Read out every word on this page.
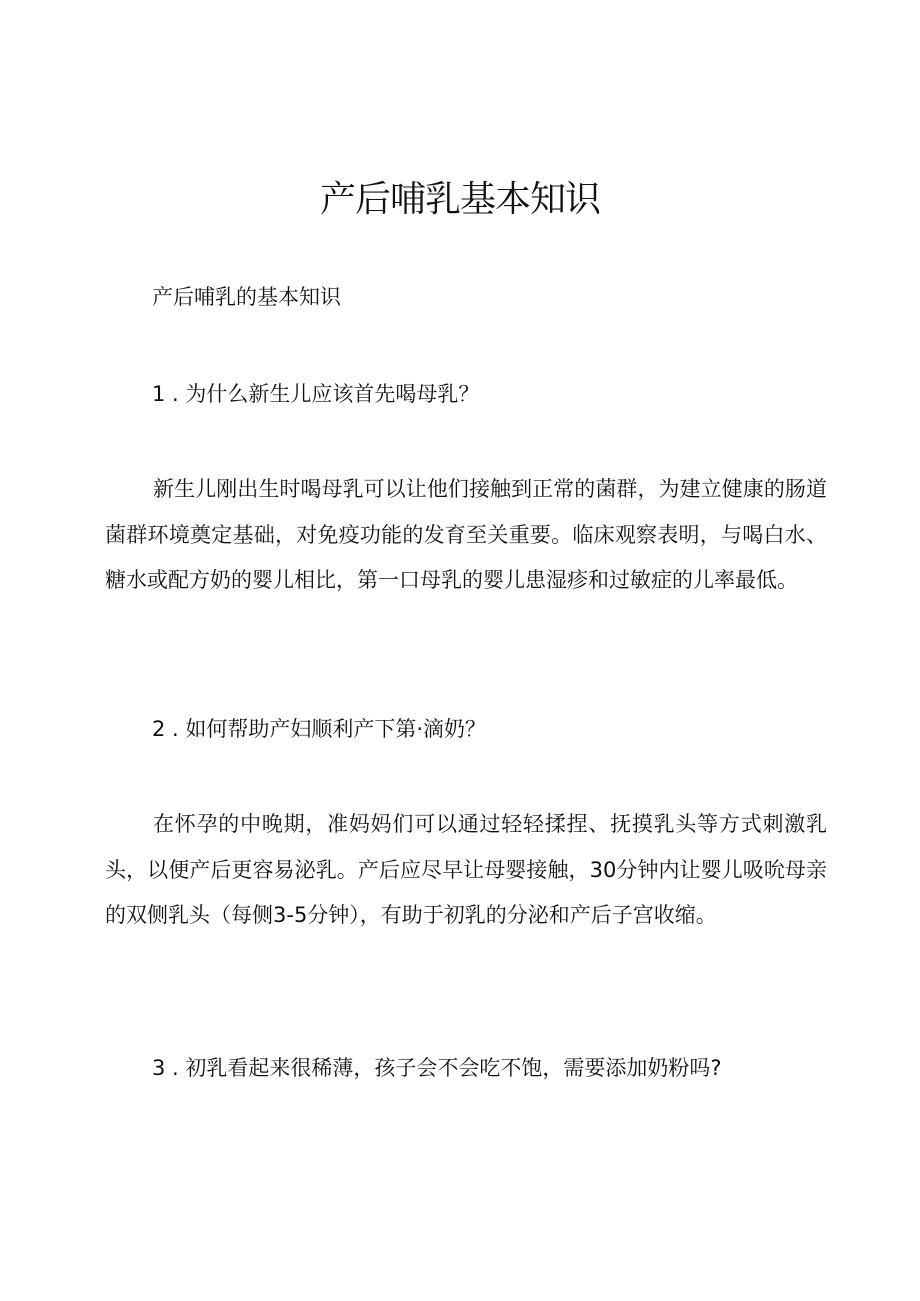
产后哺乳基本知识

产后哺乳的基本知识

1 . 为什么新生儿应该首先喝母乳？

新生儿刚出生时喝母乳可以让他们接触到正常的菌群，为建立健康的肠道菌群环境奠定基础，对免疫功能的发育至关重要。临床观察表明，与喝白水、糖水或配方奶的婴儿相比，第一口母乳的婴儿患湿疹和过敏症的儿率最低。

2 . 如何帮助产妇顺利产下第·滴奶？

在怀孕的中晚期，准妈妈们可以通过轻轻揉捏、抚摸乳头等方式刺激乳头，以便产后更容易泌乳。产后应尽早让母婴接触，30分钟内让婴儿吸吮母亲的双侧乳头（每侧3-5分钟），有助于初乳的分泌和产后子宫收缩。

3 . 初乳看起来很稀薄，孩子会不会吃不饱，需要添加奶粉吗?
